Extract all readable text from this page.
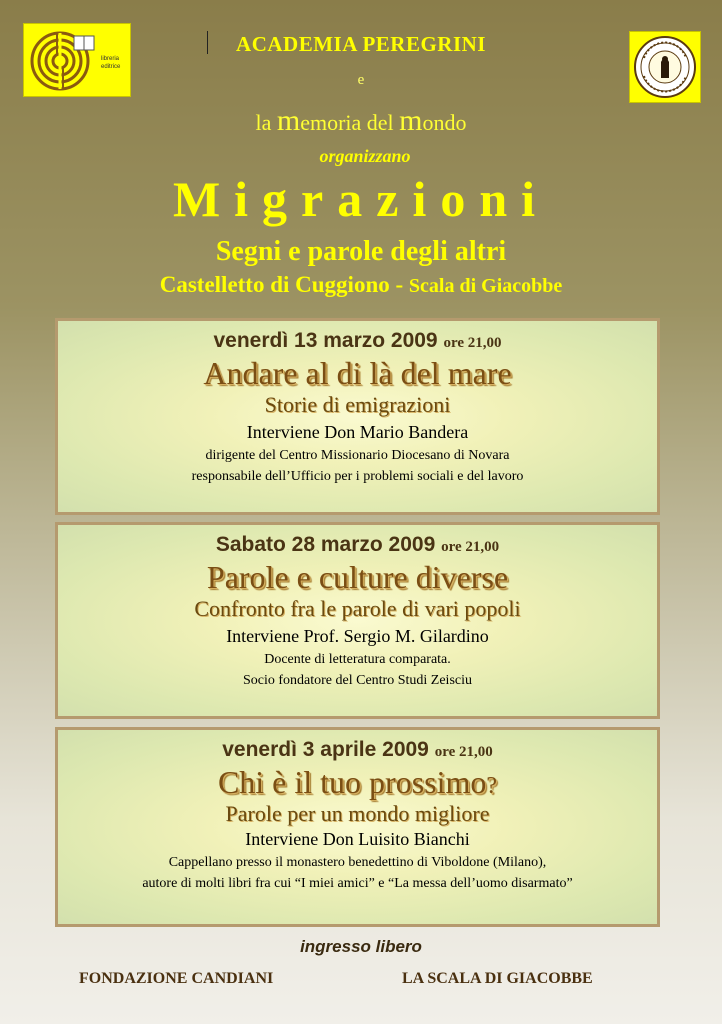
libreria
editrice
ACADEMIA PEREGRINI
e
la memoria del mondo
organizzano
Migrazioni
Segni e parole degli altri
Castelletto di Cuggiono - Scala di Giacobbe
venerdì 13 marzo 2009 ore 21,00
Andare al di là del mare
Storie di emigrazioni
Interviene Don Mario Bandera
dirigente del Centro Missionario Diocesano di Novara
responsabile dell’Ufficio per i problemi sociali e del lavoro
Sabato 28 marzo 2009 ore 21,00
Parole e culture diverse
Confronto fra le parole di vari popoli
Interviene Prof. Sergio M. Gilardino
Docente di letteratura comparata.
Socio fondatore del Centro Studi Zeisciu
venerdì 3 aprile 2009 ore 21,00
Chi è il tuo prossimo?
Parole per un mondo migliore
Interviene Don Luisito Bianchi
Cappellano presso il monastero benedettino di Viboldone (Milano),
autore di molti libri fra cui “I miei amici” e “La messa dell’uomo disarmato”
ingresso libero
FONDAZIONE CANDIANI	LA SCALA DI GIACOBBE
